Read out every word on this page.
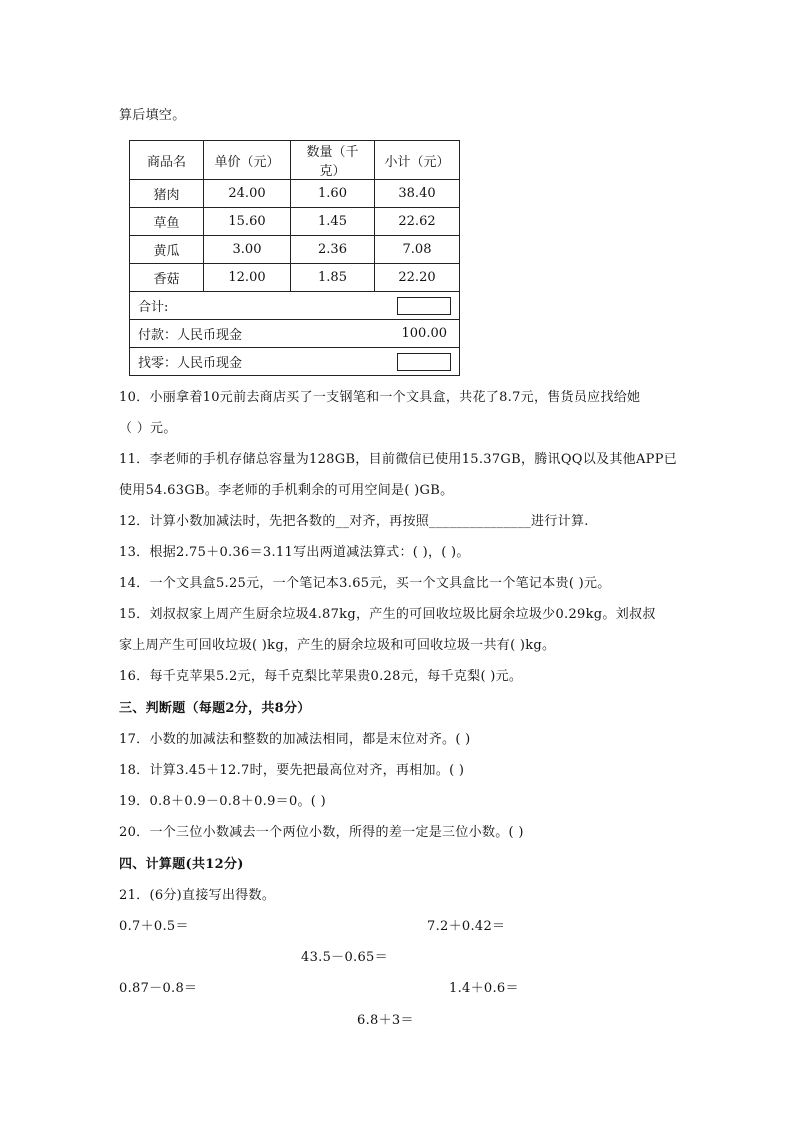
算后填空。
商品名	单价（元）	数量（千克）	小计（元）
猪肉	24.00	1.60	38.40
草鱼	15.60	1.45	22.62
黄瓜	3.00	2.36	7.08
香菇	12.00	1.85	22.20

合计:			

付款：人民币现金 100.00			

找零：人民币现金			
10．小丽拿着10元前去商店买了一支钢笔和一个文具盒，共花了8.7元，售货员应找给她
（ ）元。
11．李老师的手机存储总容量为128GB，目前微信已使用15.37GB，腾讯QQ以及其他APP已
使用54.63GB。李老师的手机剩余的可用空间是( )GB。
12．计算小数加减法时，先把各数的__对齐，再按照_______________进行计算.
13．根据2.75＋0.36＝3.11写出两道减法算式：( )，( )。
14．一个文具盒5.25元，一个笔记本3.65元，买一个文具盒比一个笔记本贵( )元。
15．刘叔叔家上周产生厨余垃圾4.87kg，产生的可回收垃圾比厨余垃圾少0.29kg。刘叔叔
家上周产生可回收垃圾( )kg，产生的厨余垃圾和可回收垃圾一共有( )kg。
16．每千克苹果5.2元，每千克梨比苹果贵0.28元，每千克梨( )元。
三、判断题（每题2分，共8分）
17．小数的加减法和整数的加减法相同，都是末位对齐。( )
18．计算3.45＋12.7时，要先把最高位对齐，再相加。( )
19．0.8＋0.9－0.8＋0.9＝0。( )
20．一个三位小数减去一个两位小数，所得的差一定是三位小数。( )
四、计算题(共12分)
21．(6分)直接写出得数。
0.7＋0.5＝	7.2＋0.42＝
43.5－0.65＝
0.87－0.8＝	1.4＋0.6＝
6.8＋3＝
